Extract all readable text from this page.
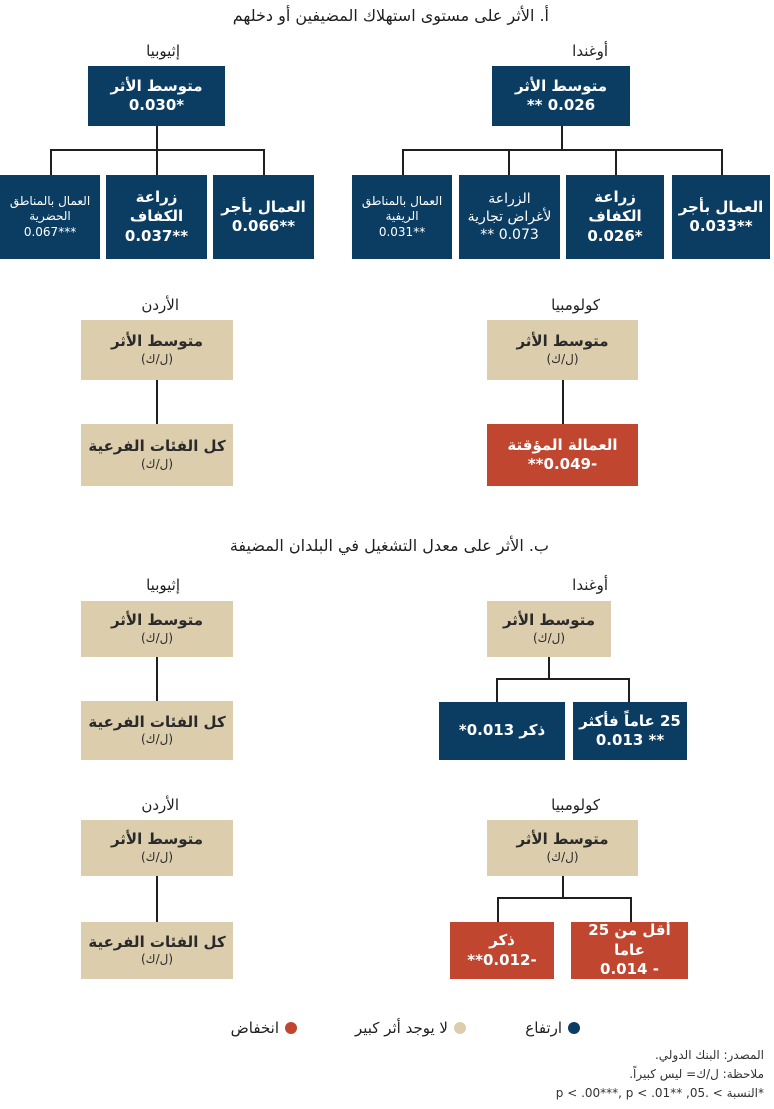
أ. الأثر على مستوى استهلاك المضيفين أو دخلهم
أوغندا
متوسط الأثر
0.026 **
العمال بأجر
**0.033
زراعة الكفاف
*0.026
الزراعة لأغراض تجارية
0.073 **
العمال بالمناطق الريفية
**0.031
إثيوبيا
متوسط الأثر
*0.030
العمال بأجر
**0.066
زراعة الكفاف
**0.037
العمال بالمناطق الحضرية
***0.067
كولومبيا
متوسط الأثر
(ل/ك)
العمالة المؤقتة
-0.049**
الأردن
متوسط الأثر
(ل/ك)
كل الفئات الفرعية
(ل/ك)
ب. الأثر على معدل التشغيل في البلدان المضيفة
أوغندا
متوسط الأثر
(ل/ك)
25 عاماً فأكثر
** 0.013
ذكر 0.013*
إثيوبيا
متوسط الأثر
(ل/ك)
كل الفئات الفرعية
(ل/ك)
كولومبيا
متوسط الأثر
(ل/ك)
أقل من 25 عاما
- 0.014
ذكر -0.012**
الأردن
متوسط الأثر
(ل/ك)
كل الفئات الفرعية
(ل/ك)
ارتفاع
لا يوجد أثر كبير
انخفاض
المصدر: البنك الدولي.
ملاحظة: ل/ك= ليس كبيراً.
*النسبة > .05, **p < .00***, p < .01
